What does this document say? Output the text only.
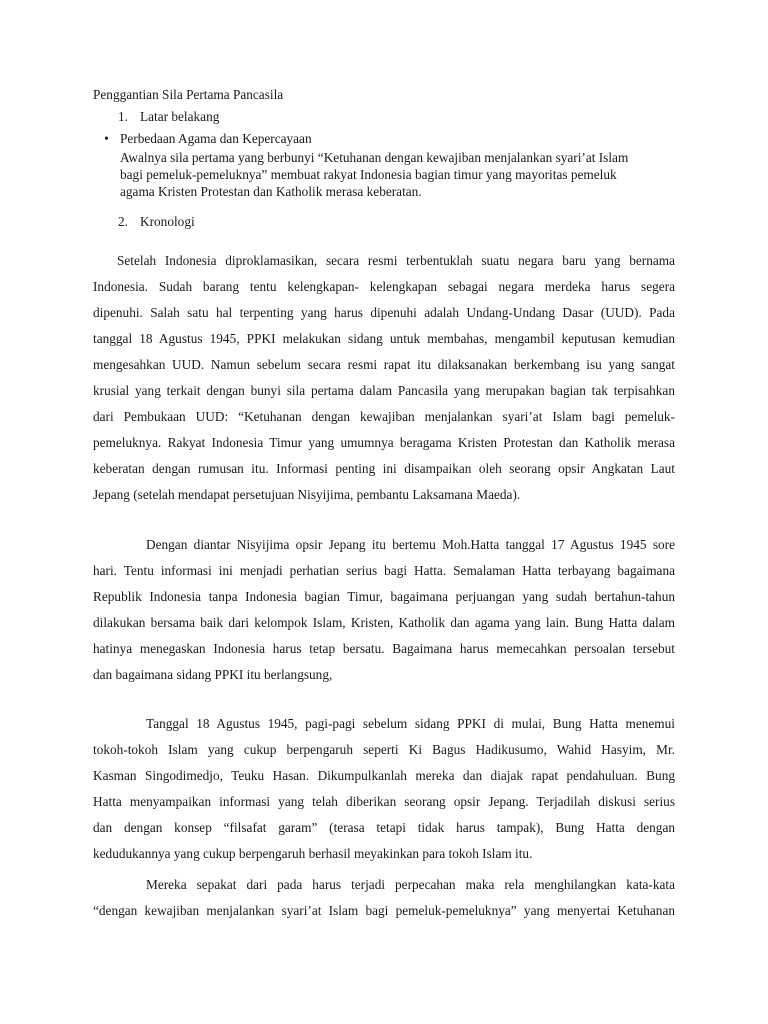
Penggantian Sila Pertama Pancasila
1. Latar belakang
• Perbedaan Agama dan Kepercayaan
Awalnya sila pertama yang berbunyi “Ketuhanan dengan kewajiban menjalankan syari’at Islam
bagi pemeluk-pemeluknya” membuat rakyat Indonesia bagian timur yang mayoritas pemeluk
agama Kristen Protestan dan Katholik merasa keberatan.
2. Kronologi
Setelah Indonesia diproklamasikan, secara resmi terbentuklah suatu negara baru yang bernama
Indonesia. Sudah barang tentu kelengkapan- kelengkapan sebagai negara merdeka harus segera
dipenuhi. Salah satu hal terpenting yang harus dipenuhi adalah Undang-Undang Dasar (UUD). Pada
tanggal 18 Agustus 1945, PPKI melakukan sidang untuk membahas, mengambil keputusan kemudian
mengesahkan UUD. Namun sebelum secara resmi rapat itu dilaksanakan berkembang isu yang sangat
krusial yang terkait dengan bunyi sila pertama dalam Pancasila yang merupakan bagian tak terpisahkan
dari Pembukaan UUD: “Ketuhanan dengan kewajiban menjalankan syari’at Islam bagi pemeluk-
pemeluknya. Rakyat Indonesia Timur yang umumnya beragama Kristen Protestan dan Katholik merasa
keberatan dengan rumusan itu. Informasi penting ini disampaikan oleh seorang opsir Angkatan Laut
Jepang (setelah mendapat persetujuan Nisyijima, pembantu Laksamana Maeda).
Dengan diantar Nisyijima opsir Jepang itu bertemu Moh.Hatta tanggal 17 Agustus 1945 sore
hari. Tentu informasi ini menjadi perhatian serius bagi Hatta. Semalaman Hatta terbayang bagaimana
Republik Indonesia tanpa Indonesia bagian Timur, bagaimana perjuangan yang sudah bertahun-tahun
dilakukan bersama baik dari kelompok Islam, Kristen, Katholik dan agama yang lain. Bung Hatta dalam
hatinya menegaskan Indonesia harus tetap bersatu. Bagaimana harus memecahkan persoalan tersebut
dan bagaimana sidang PPKI itu berlangsung,
Tanggal 18 Agustus 1945, pagi-pagi sebelum sidang PPKI di mulai, Bung Hatta menemui
tokoh-tokoh Islam yang cukup berpengaruh seperti Ki Bagus Hadikusumo, Wahid Hasyim, Mr.
Kasman Singodimedjo, Teuku Hasan. Dikumpulkanlah mereka dan diajak rapat pendahuluan. Bung
Hatta menyampaikan informasi yang telah diberikan seorang opsir Jepang. Terjadilah diskusi serius
dan dengan konsep “filsafat garam” (terasa tetapi tidak harus tampak), Bung Hatta dengan
kedudukannya yang cukup berpengaruh berhasil meyakinkan para tokoh Islam itu.
Mereka sepakat dari pada harus terjadi perpecahan maka rela menghilangkan kata-kata
“dengan kewajiban menjalankan syari’at Islam bagi pemeluk-pemeluknya” yang menyertai Ketuhanan
